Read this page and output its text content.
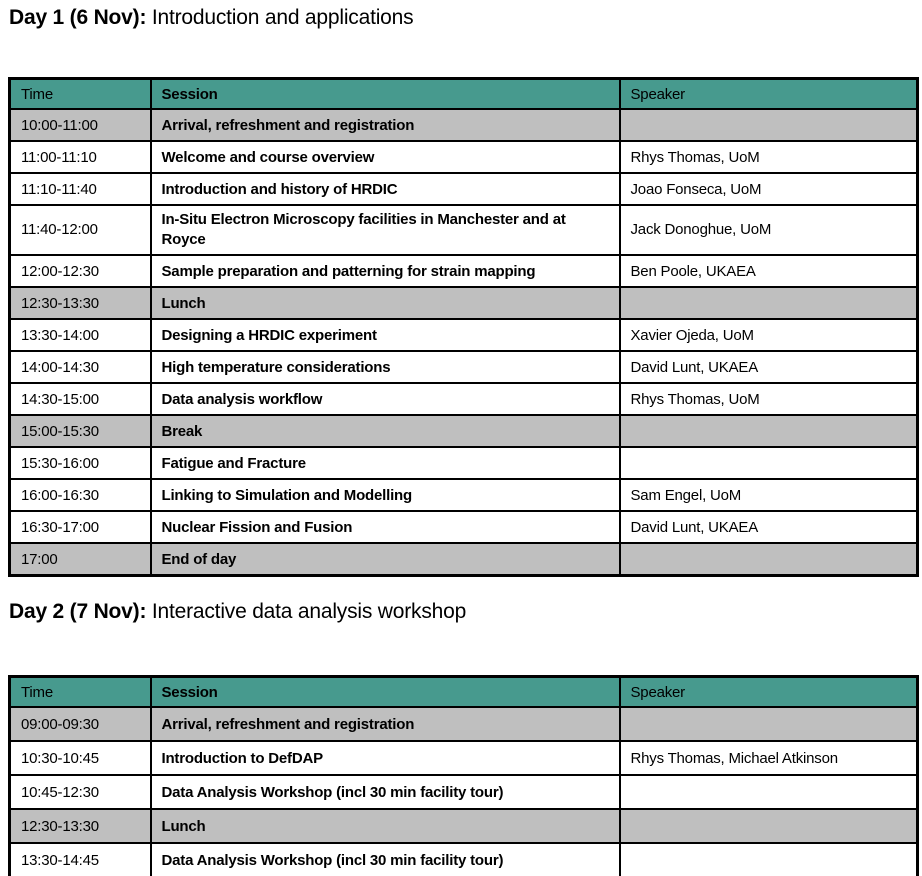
Day 1 (6 Nov): Introduction and applications
Time	Session	Speaker
10:00-11:00	Arrival, refreshment and registration	
11:00-11:10	Welcome and course overview	Rhys Thomas, UoM
11:10-11:40	Introduction and history of HRDIC	Joao Fonseca, UoM
11:40-12:00	In-Situ Electron Microscopy facilities in Manchester and at Royce	Jack Donoghue, UoM
12:00-12:30	Sample preparation and patterning for strain mapping	Ben Poole, UKAEA
12:30-13:30	Lunch	
13:30-14:00	Designing a HRDIC experiment	Xavier Ojeda, UoM
14:00-14:30	High temperature considerations	David Lunt, UKAEA
14:30-15:00	Data analysis workflow	Rhys Thomas, UoM
15:00-15:30	Break	
15:30-16:00	Fatigue and Fracture	
16:00-16:30	Linking to Simulation and Modelling	Sam Engel, UoM
16:30-17:00	Nuclear Fission and Fusion	David Lunt, UKAEA
17:00	End of day	
Day 2 (7 Nov): Interactive data analysis workshop
Time	Session	Speaker
09:00-09:30	Arrival, refreshment and registration	
10:30-10:45	Introduction to DefDAP	Rhys Thomas, Michael Atkinson
10:45-12:30	Data Analysis Workshop (incl 30 min facility tour)	
12:30-13:30	Lunch	
13:30-14:45	Data Analysis Workshop (incl 30 min facility tour)	
